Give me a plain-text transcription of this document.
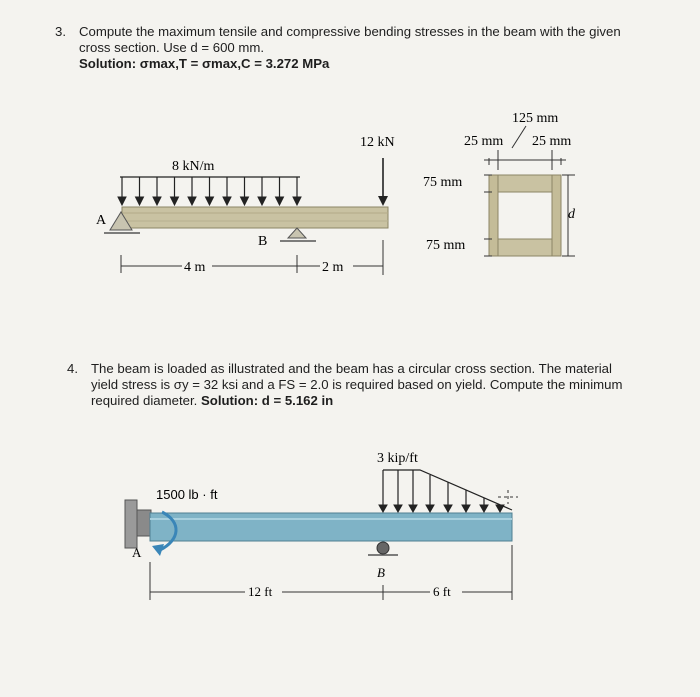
3. Compute the maximum tensile and compressive bending stresses in the beam with the given
cross section. Use d = 600 mm.
Solution: σmax,T = σmax,C = 3.272 MPa
8 kN/m
12 kN
A
B
4 m	2 m
125 mm
25 mm 25 mm
75 mm
75 mm
d
4. The beam is loaded as illustrated and the beam has a circular cross section. The material
yield stress is σy = 32 ksi and a FS = 2.0 is required based on yield. Compute the minimum
required diameter. Solution: d = 5.162 in
1500 lb · ft
A
3 kip/ft
B
12 ft	6 ft
